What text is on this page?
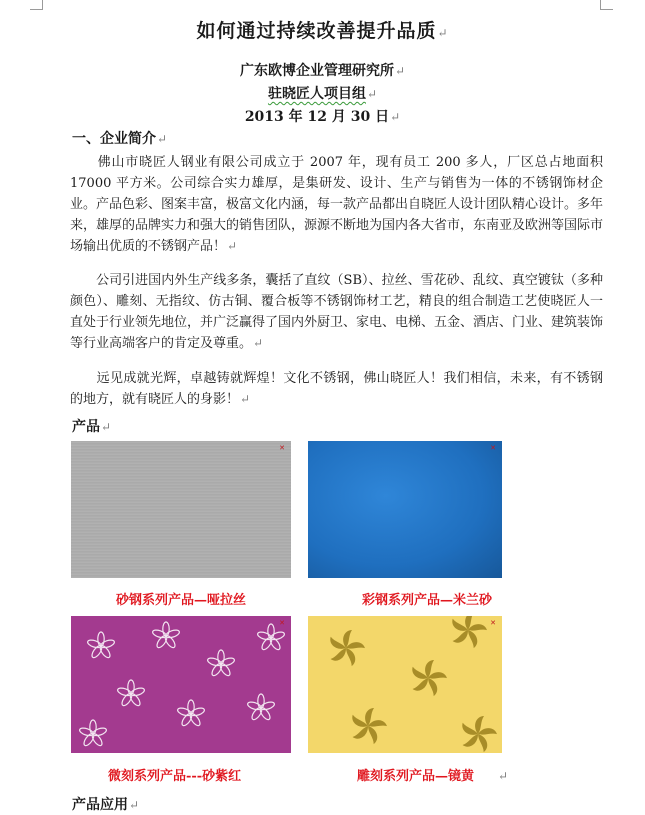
如何通过持续改善提升品质↵
广东欧博企业管理研究所↵
驻晓匠人项目组↵
2013 年 12 月 30 日↵
一、企业简介↵
　　佛山市晓匠人钢业有限公司成立于 2007 年，现有员工 200 多人，厂区总占地面积 17000 平方米。公司综合实力雄厚，是集研发、设计、生产与销售为一体的不锈钢饰材企业。产品色彩、图案丰富，极富文化内涵，每一款产品都出自晓匠人设计团队精心设计。多年来，雄厚的品牌实力和强大的销售团队，源源不断地为国内各大省市，东南亚及欧洲等国际市场输出优质的不锈钢产品！↵
　　公司引进国内外生产线多条，囊括了直纹（SB）、拉丝、雪花砂、乱纹、真空镀钛（多种颜色）、雕刻、无指纹、仿古铜、覆合板等不锈钢饰材工艺，精良的组合制造工艺使晓匠人一直处于行业领先地位，并广泛赢得了国内外厨卫、家电、电梯、五金、酒店、门业、建筑装饰等行业高端客户的肯定及尊重。↵
　　远见成就光辉，卓越铸就辉煌！文化不锈钢，佛山晓匠人！我们相信，未来，有不锈钢的地方，就有晓匠人的身影！↵
产品↵
✕	✕
✕	✕
砂钢系列产品—哑拉丝	彩钢系列产品—米兰砂
微刻系列产品---砂紫红	雕刻系列产品—镜黄 ↵
产品应用↵
